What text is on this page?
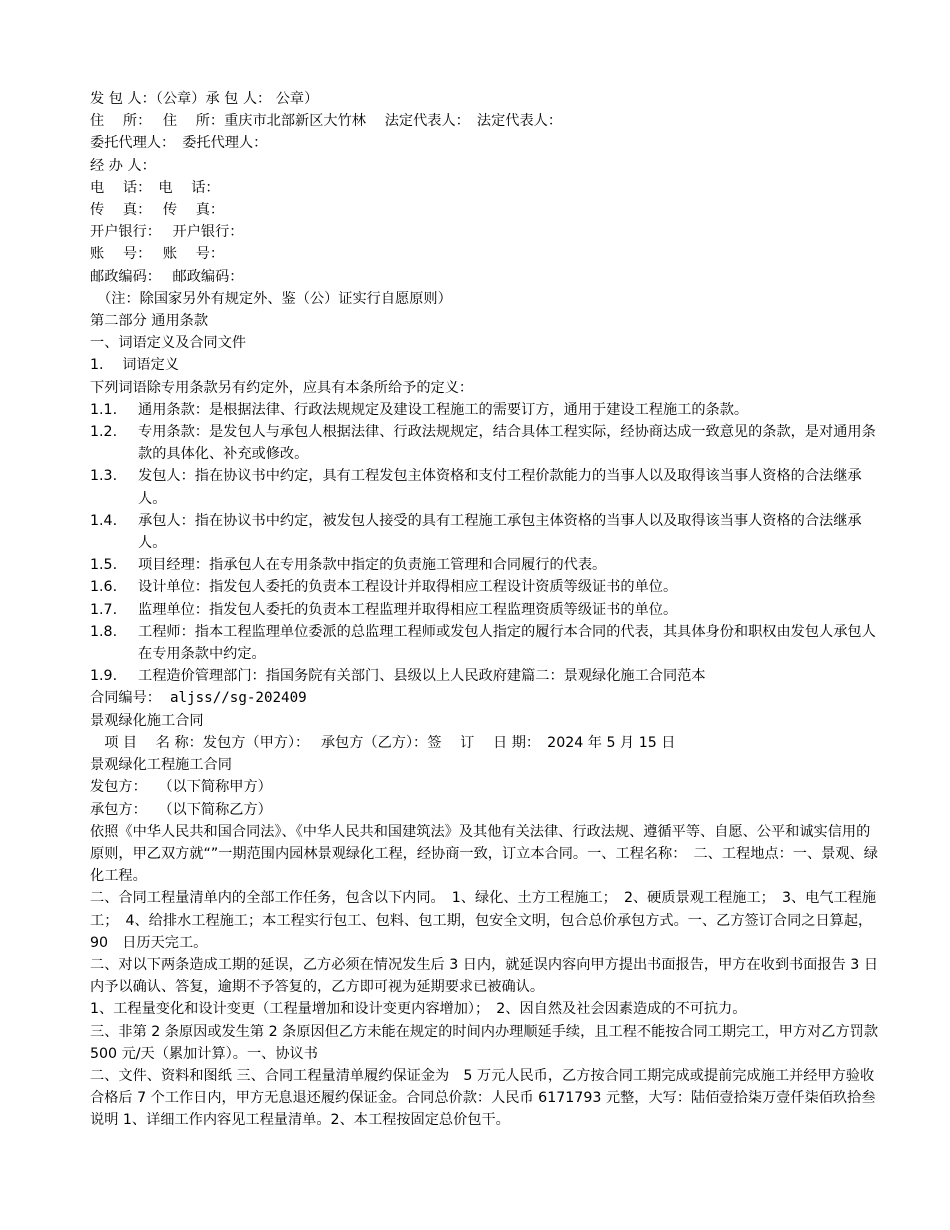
发 包 人：（公章）承 包 人： 公章）
住　 所：　 住　 所：重庆市北部新区大竹林　 法定代表人：　法定代表人：
委托代理人：　委托代理人：
经 办 人：
电　 话：　电　 话：
传　 真：　 传　 真：
开户银行：　 开户银行：
账　 号：　 账　 号：
邮政编码：　 邮政编码：
　（注：除国家另外有规定外、鉴（公）证实行自愿原则）
第二部分 通用条款
一、词语定义及合同文件
1.　 词语定义
下列词语除专用条款另有约定外，应具有本条所给予的定义：
1.1.	通用条款：是根据法律、行政法规规定及建设工程施工的需要订方，通用于建设工程施工的条款。
1.2.	专用条款：是发包人与承包人根据法律、行政法规规定，结合具体工程实际，经协商达成一致意见的条款，是对通用条款的具体化、补充或修改。
1.3.	发包人：指在协议书中约定，具有工程发包主体资格和支付工程价款能力的当事人以及取得该当事人资格的合法继承人。
1.4.	承包人：指在协议书中约定，被发包人接受的具有工程施工承包主体资格的当事人以及取得该当事人资格的合法继承人。
1.5.	项目经理：指承包人在专用条款中指定的负责施工管理和合同履行的代表。
1.6.	设计单位：指发包人委托的负责本工程设计并取得相应工程设计资质等级证书的单位。
1.7.	监理单位：指发包人委托的负责本工程监理并取得相应工程监理资质等级证书的单位。
1.8.	工程师：指本工程监理单位委派的总监理工程师或发包人指定的履行本合同的代表，其具体身份和职权由发包人承包人在专用条款中约定。
1.9.	工程造价管理部门：指国务院有关部门、县级以上人民政府建篇二：景观绿化施工合同范本
合同编号： aljss//sg-202409
景观绿化施工合同
　项 目　 名 称：发包方（甲方）：　 承包方（乙方）：签　 订　 日 期：　2024 年 5 月 15 日
景观绿化工程施工合同
发包方：　 （以下简称甲方）
承包方：　 （以下简称乙方）
依照《中华人民共和国合同法》、《中华人民共和国建筑法》及其他有关法律、行政法规、遵循平等、自愿、公平和诚实信用的原则，甲乙双方就“”一期范围内园林景观绿化工程，经协商一致，订立本合同。一、工程名称：　二、工程地点：一、景观、绿化工程。
二、合同工程量清单内的全部工作任务，包含以下内同。　1、绿化、土方工程施工；　2、硬质景观工程施工；　3、电气工程施工；　4、给排水工程施工；本工程实行包工、包料、包工期，包安全文明，包合总价承包方式。一、乙方签订合同之日算起，　90　日历天完工。
二、对以下两条造成工期的延误，乙方必须在情况发生后 3 日内，就延误内容向甲方提出书面报告，甲方在收到书面报告 3 日内予以确认、答复，逾期不予答复的，乙方即可视为延期要求已被确认。
1、工程量变化和设计变更（工程量增加和设计变更内容增加）；　2、因自然及社会因素造成的不可抗力。
三、非第 2 条原因或发生第 2 条原因但乙方未能在规定的时间内办理顺延手续，且工程不能按合同工期完工，甲方对乙方罚款 500 元/天（累加计算）。一、协议书
二、文件、资料和图纸 三、合同工程量清单履约保证金为　5 万元人民币，乙方按合同工期完成或提前完成施工并经甲方验收合格后 7 个工作日内，甲方无息退还履约保证金。合同总价款：人民币 6171793 元整，大写：陆佰壹拾柒万壹仟柒佰玖拾叁说明 1、详细工作内容见工程量清单。2、本工程按固定总价包干。
